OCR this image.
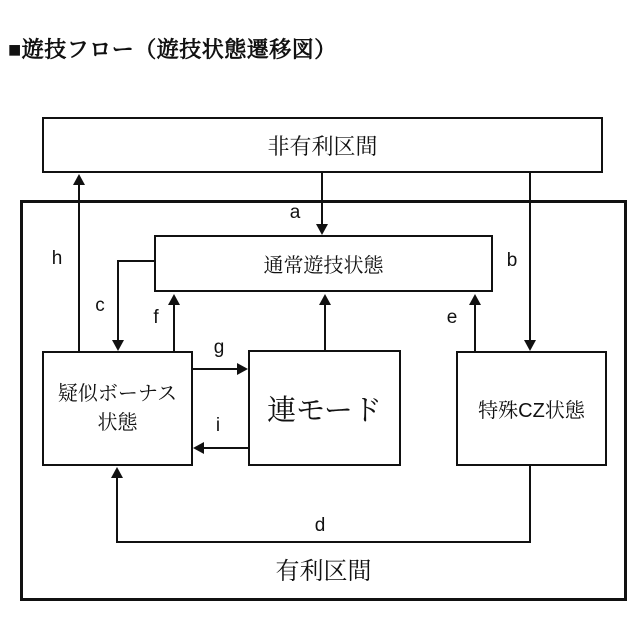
■遊技フロー（遊技状態遷移図）
非有利区間
有利区間
通常遊技状態
疑似ボーナス
状態	連モード	特殊CZ状態
a
b
h
c
f	e
g
i
d
